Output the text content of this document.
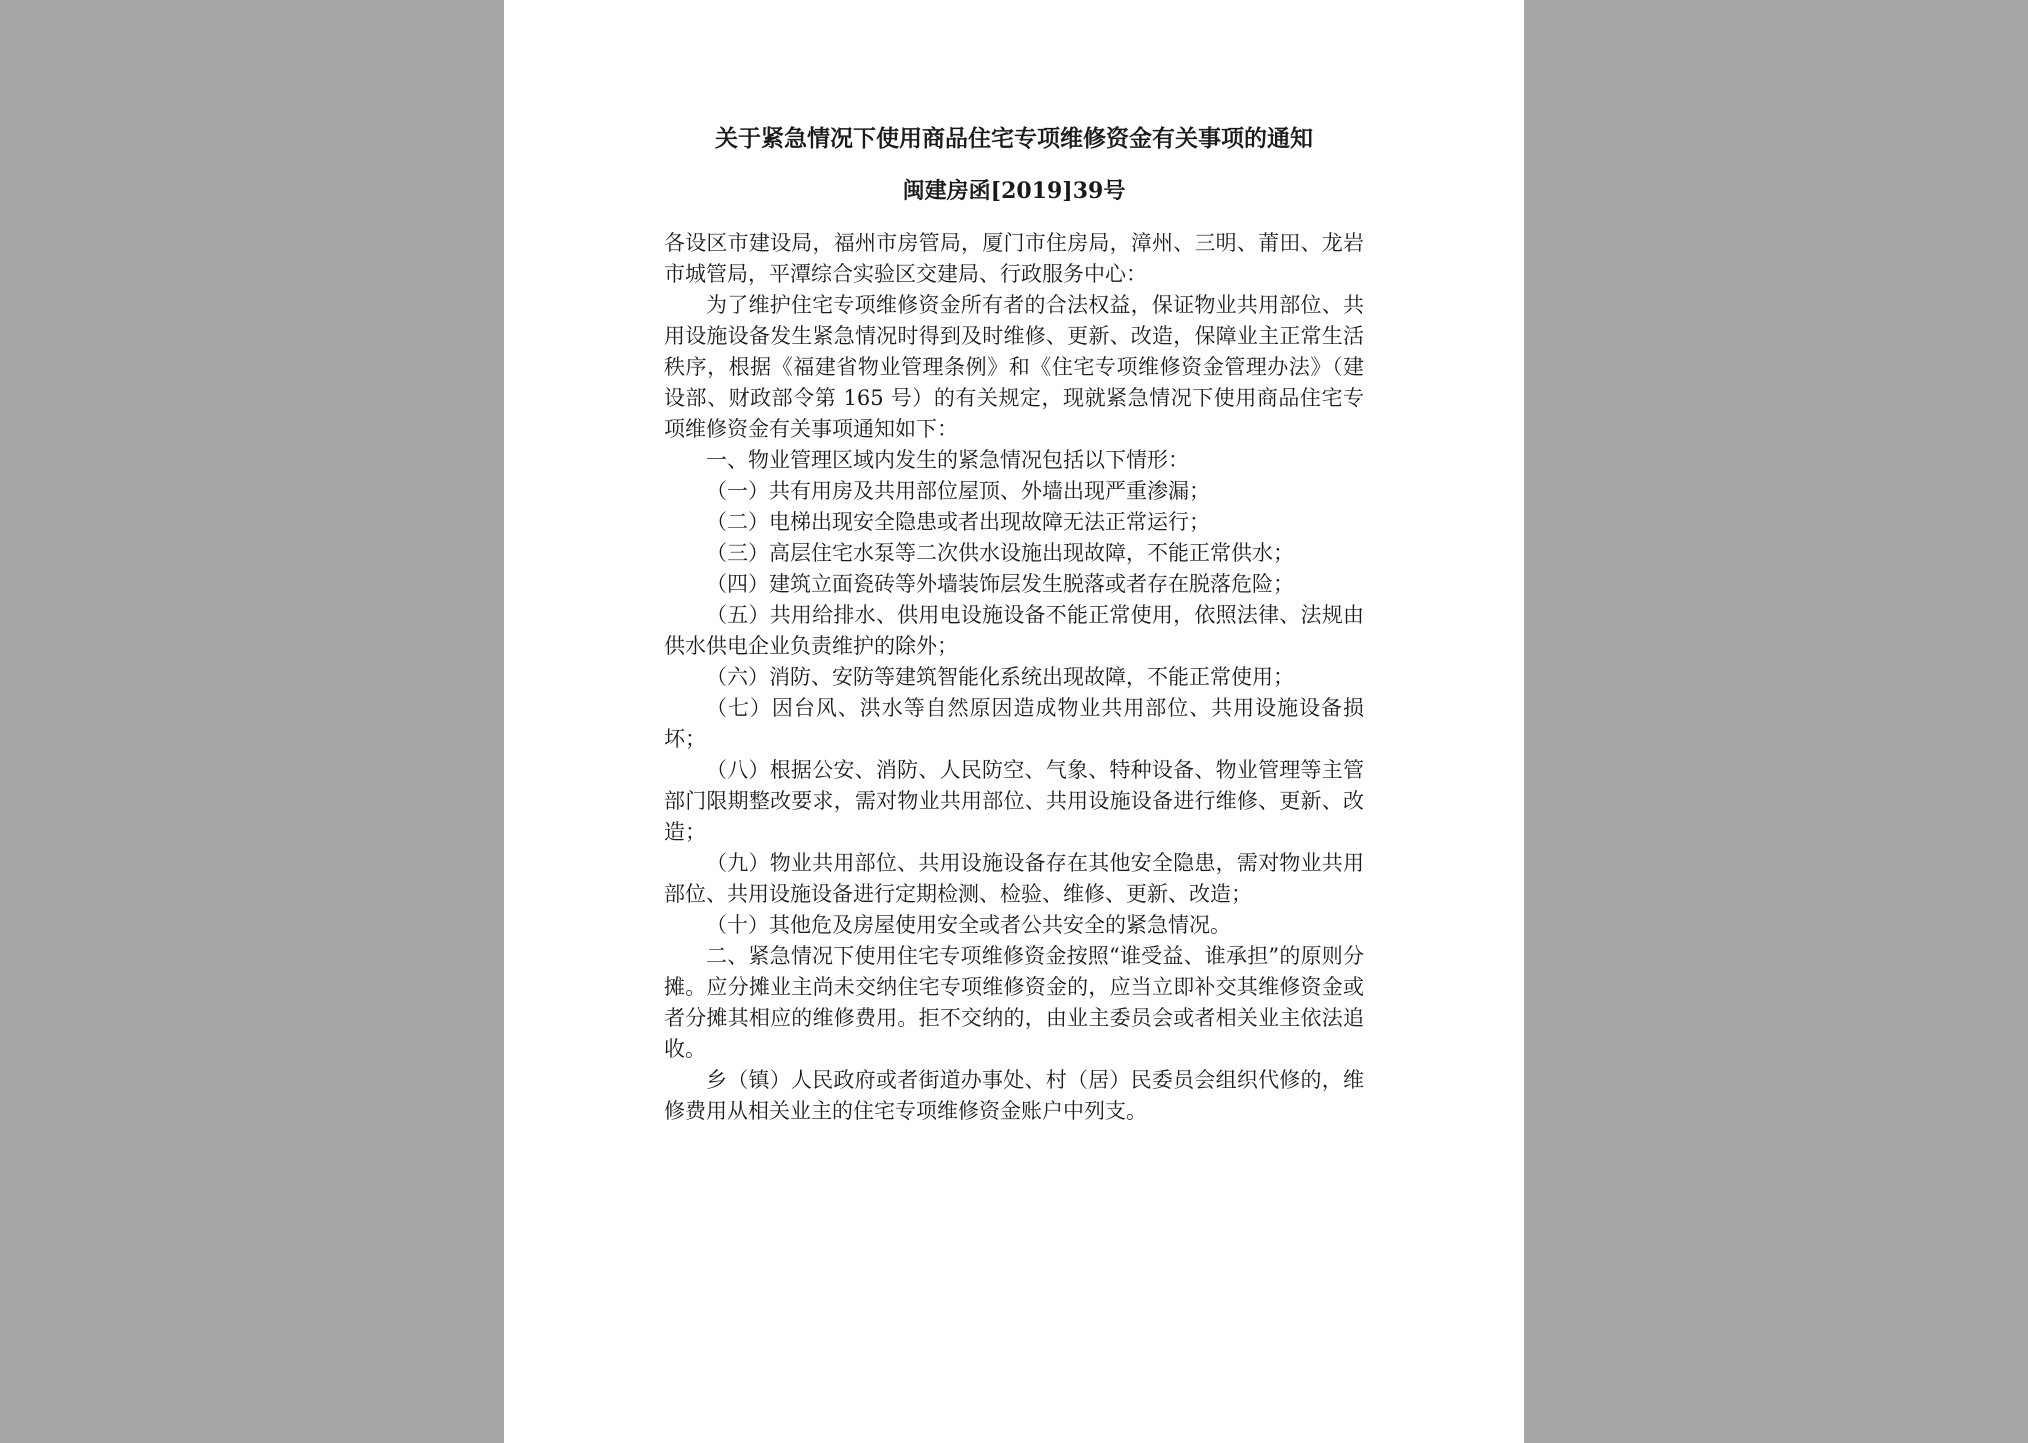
关于紧急情况下使用商品住宅专项维修资金有关事项的通知
闽建房函[2019]39号

各设区市建设局，福州市房管局，厦门市住房局，漳州、三明、莆田、龙岩市城管局，平潭综合实验区交建局、行政服务中心：

为了维护住宅专项维修资金所有者的合法权益，保证物业共用部位、共用设施设备发生紧急情况时得到及时维修、更新、改造，保障业主正常生活秩序，根据《福建省物业管理条例》和《住宅专项维修资金管理办法》（建设部、财政部令第 165 号）的有关规定，现就紧急情况下使用商品住宅专项维修资金有关事项通知如下：

一、物业管理区域内发生的紧急情况包括以下情形：

（一）共有用房及共用部位屋顶、外墙出现严重渗漏；

（二）电梯出现安全隐患或者出现故障无法正常运行；

（三）高层住宅水泵等二次供水设施出现故障，不能正常供水；

（四）建筑立面瓷砖等外墙装饰层发生脱落或者存在脱落危险；

（五）共用给排水、供用电设施设备不能正常使用，依照法律、法规由供水供电企业负责维护的除外；

（六）消防、安防等建筑智能化系统出现故障，不能正常使用；

（七）因台风、洪水等自然原因造成物业共用部位、共用设施设备损坏；

（八）根据公安、消防、人民防空、气象、特种设备、物业管理等主管部门限期整改要求，需对物业共用部位、共用设施设备进行维修、更新、改造；

（九）物业共用部位、共用设施设备存在其他安全隐患，需对物业共用部位、共用设施设备进行定期检测、检验、维修、更新、改造；

（十）其他危及房屋使用安全或者公共安全的紧急情况。

二、紧急情况下使用住宅专项维修资金按照“谁受益、谁承担”的原则分摊。应分摊业主尚未交纳住宅专项维修资金的，应当立即补交其维修资金或者分摊其相应的维修费用。拒不交纳的，由业主委员会或者相关业主依法追收。

乡（镇）人民政府或者街道办事处、村（居）民委员会组织代修的，维修费用从相关业主的住宅专项维修资金账户中列支。
